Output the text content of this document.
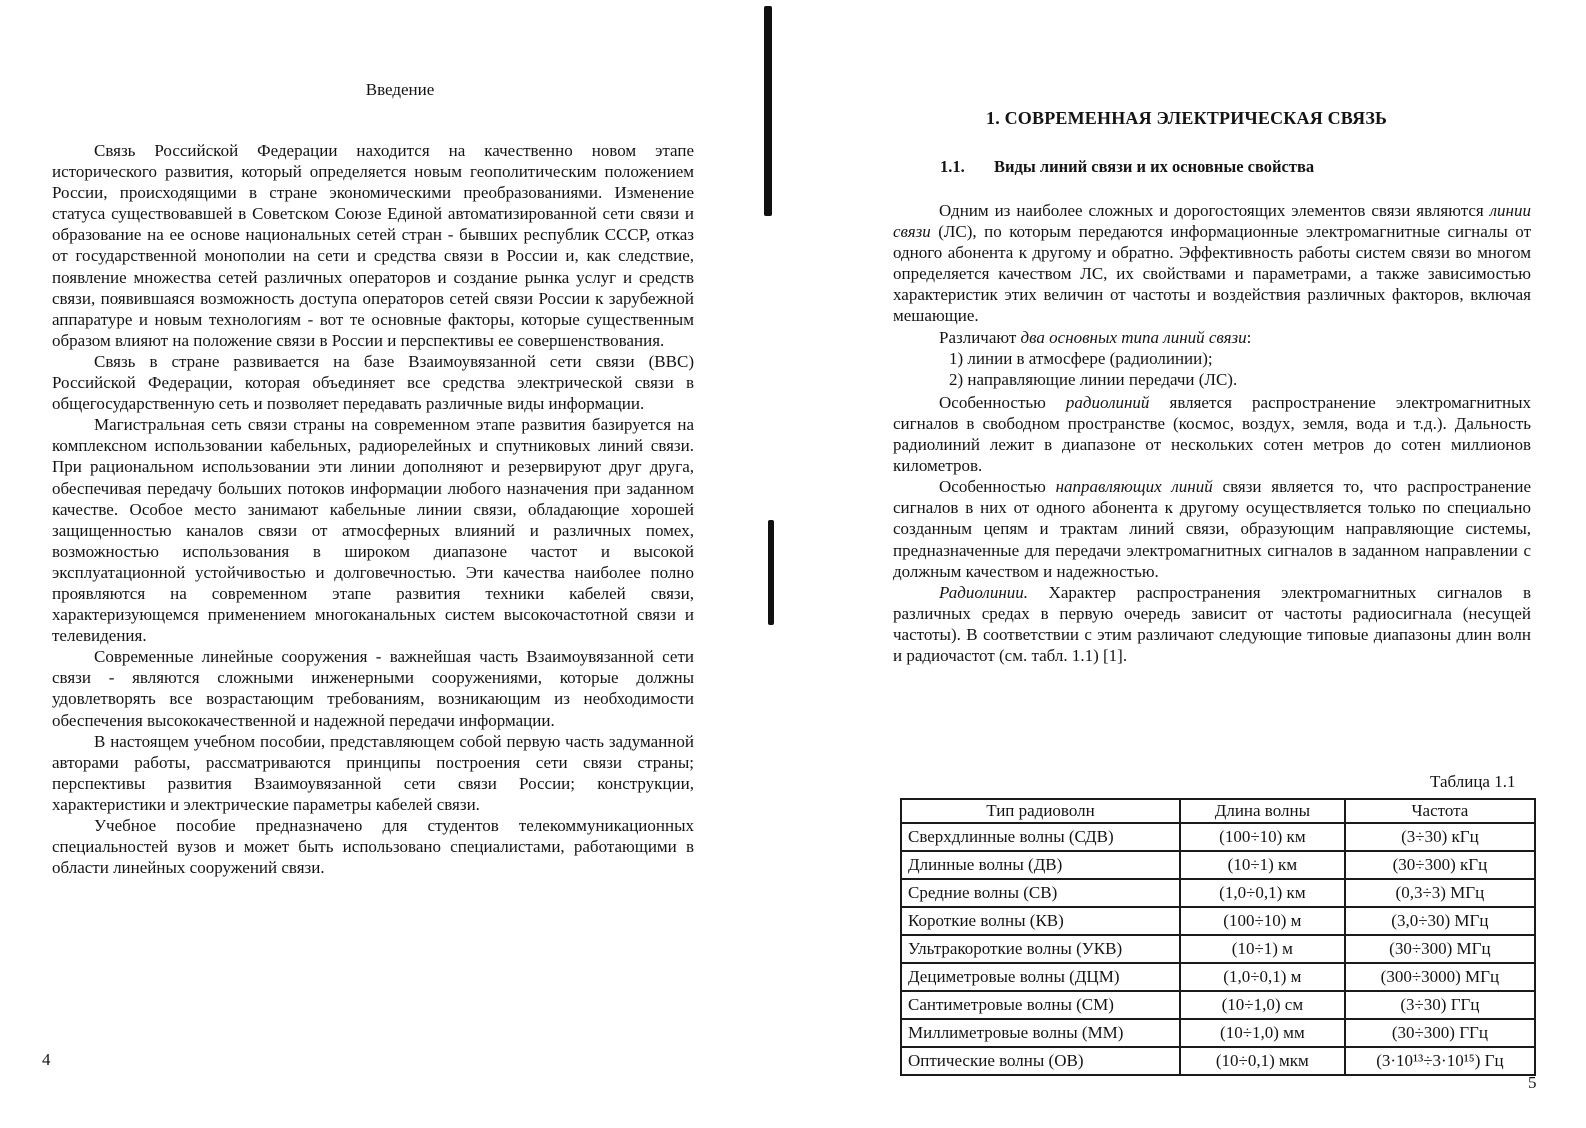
Введение

Связь Российской Федерации находится на качественно новом этапе исторического развития, который определяется новым геополитическим положением России, происходящими в стране экономическими преобразованиями. Изменение статуса существовавшей в Советском Союзе Единой автоматизированной сети связи и образование на ее основе национальных сетей стран - бывших республик СССР, отказ от государственной монополии на сети и средства связи в России и, как следствие, появление множества сетей различных операторов и создание рынка услуг и средств связи, появившаяся возможность доступа операторов сетей связи России к зарубежной аппаратуре и новым технологиям - вот те основные факторы, которые существенным образом влияют на положение связи в России и перспективы ее совершенствования.

Связь в стране развивается на базе Взаимоувязанной сети связи (ВВС) Российской Федерации, которая объединяет все средства электрической связи в общегосударственную сеть и позволяет передавать различные виды информации.

Магистральная сеть связи страны на современном этапе развития базируется на комплексном использовании кабельных, радиорелейных и спутниковых линий связи. При рациональном использовании эти линии дополняют и резервируют друг друга, обеспечивая передачу больших потоков информации любого назначения при заданном качестве. Особое место занимают кабельные линии связи, обладающие хорошей защищенностью каналов связи от атмосферных влияний и различных помех, возможностью использования в широком диапазоне частот и высокой эксплуатационной устойчивостью и долговечностью. Эти качества наиболее полно проявляются на современном этапе развития техники кабелей связи, характеризующемся применением многоканальных систем высокочастотной связи и телевидения.

Современные линейные сооружения - важнейшая часть Взаимоувязанной сети связи - являются сложными инженерными сооружениями, которые должны удовлетворять все возрастающим требованиям, возникающим из необходимости обеспечения высококачественной и надежной передачи информации.

В настоящем учебном пособии, представляющем собой первую часть задуманной авторами работы, рассматриваются принципы построения сети связи страны; перспективы развития Взаимоувязанной сети связи России; конструкции, характеристики и электрические параметры кабелей связи.

Учебное пособие предназначено для студентов телекоммуникационных специальностей вузов и может быть использовано специалистами, работающими в области линейных сооружений связи.

4
1. СОВРЕМЕННАЯ ЭЛЕКТРИЧЕСКАЯ СВЯЗЬ
1.1. Виды линий связи и их основные свойства

Одним из наиболее сложных и дорогостоящих элементов связи являются линии связи (ЛС), по которым передаются информационные электромагнитные сигналы от одного абонента к другому и обратно. Эффективность работы систем связи во многом определяется качеством ЛС, их свойствами и параметрами, а также зависимостью характеристик этих величин от частоты и воздействия различных факторов, включая мешающие.

Различают два основных типа линий связи:

1) линии в атмосфере (радиолинии);

2) направляющие линии передачи (ЛС).

Особенностью радиолиний является распространение электромагнитных сигналов в свободном пространстве (космос, воздух, земля, вода и т.д.). Дальность радиолиний лежит в диапазоне от нескольких сотен метров до сотен миллионов километров.

Особенностью направляющих линий связи является то, что распространение сигналов в них от одного абонента к другому осуществляется только по специально созданным цепям и трактам линий связи, образующим направляющие системы, предназначенные для передачи электромагнитных сигналов в заданном направлении с должным качеством и надежностью.

Радиолинии. Характер распространения электромагнитных сигналов в различных средах в первую очередь зависит от частоты радиосигнала (несущей частоты). В соответствии с этим различают следующие типовые диапазоны длин волн и радиочастот (см. табл. 1.1) [1].

Таблица 1.1
Тип радиоволн	Длина волны	Частота
Сверхдлинные волны (СДВ)	(100÷10) км	(3÷30) кГц
Длинные волны (ДВ)	(10÷1) км	(30÷300) кГц
Средние волны (СВ)	(1,0÷0,1) км	(0,3÷3) МГц
Короткие волны (КВ)	(100÷10) м	(3,0÷30) МГц
Ультракороткие волны (УКВ)	(10÷1) м	(30÷300) МГц
Дециметровые волны (ДЦМ)	(1,0÷0,1) м	(300÷3000) МГц
Сантиметровые волны (СМ)	(10÷1,0) см	(3÷30) ГГц
Миллиметровые волны (ММ)	(10÷1,0) мм	(30÷300) ГГц
Оптические волны (ОВ)	(10÷0,1) мкм	(3·10¹³÷3·10¹⁵) Гц
5
